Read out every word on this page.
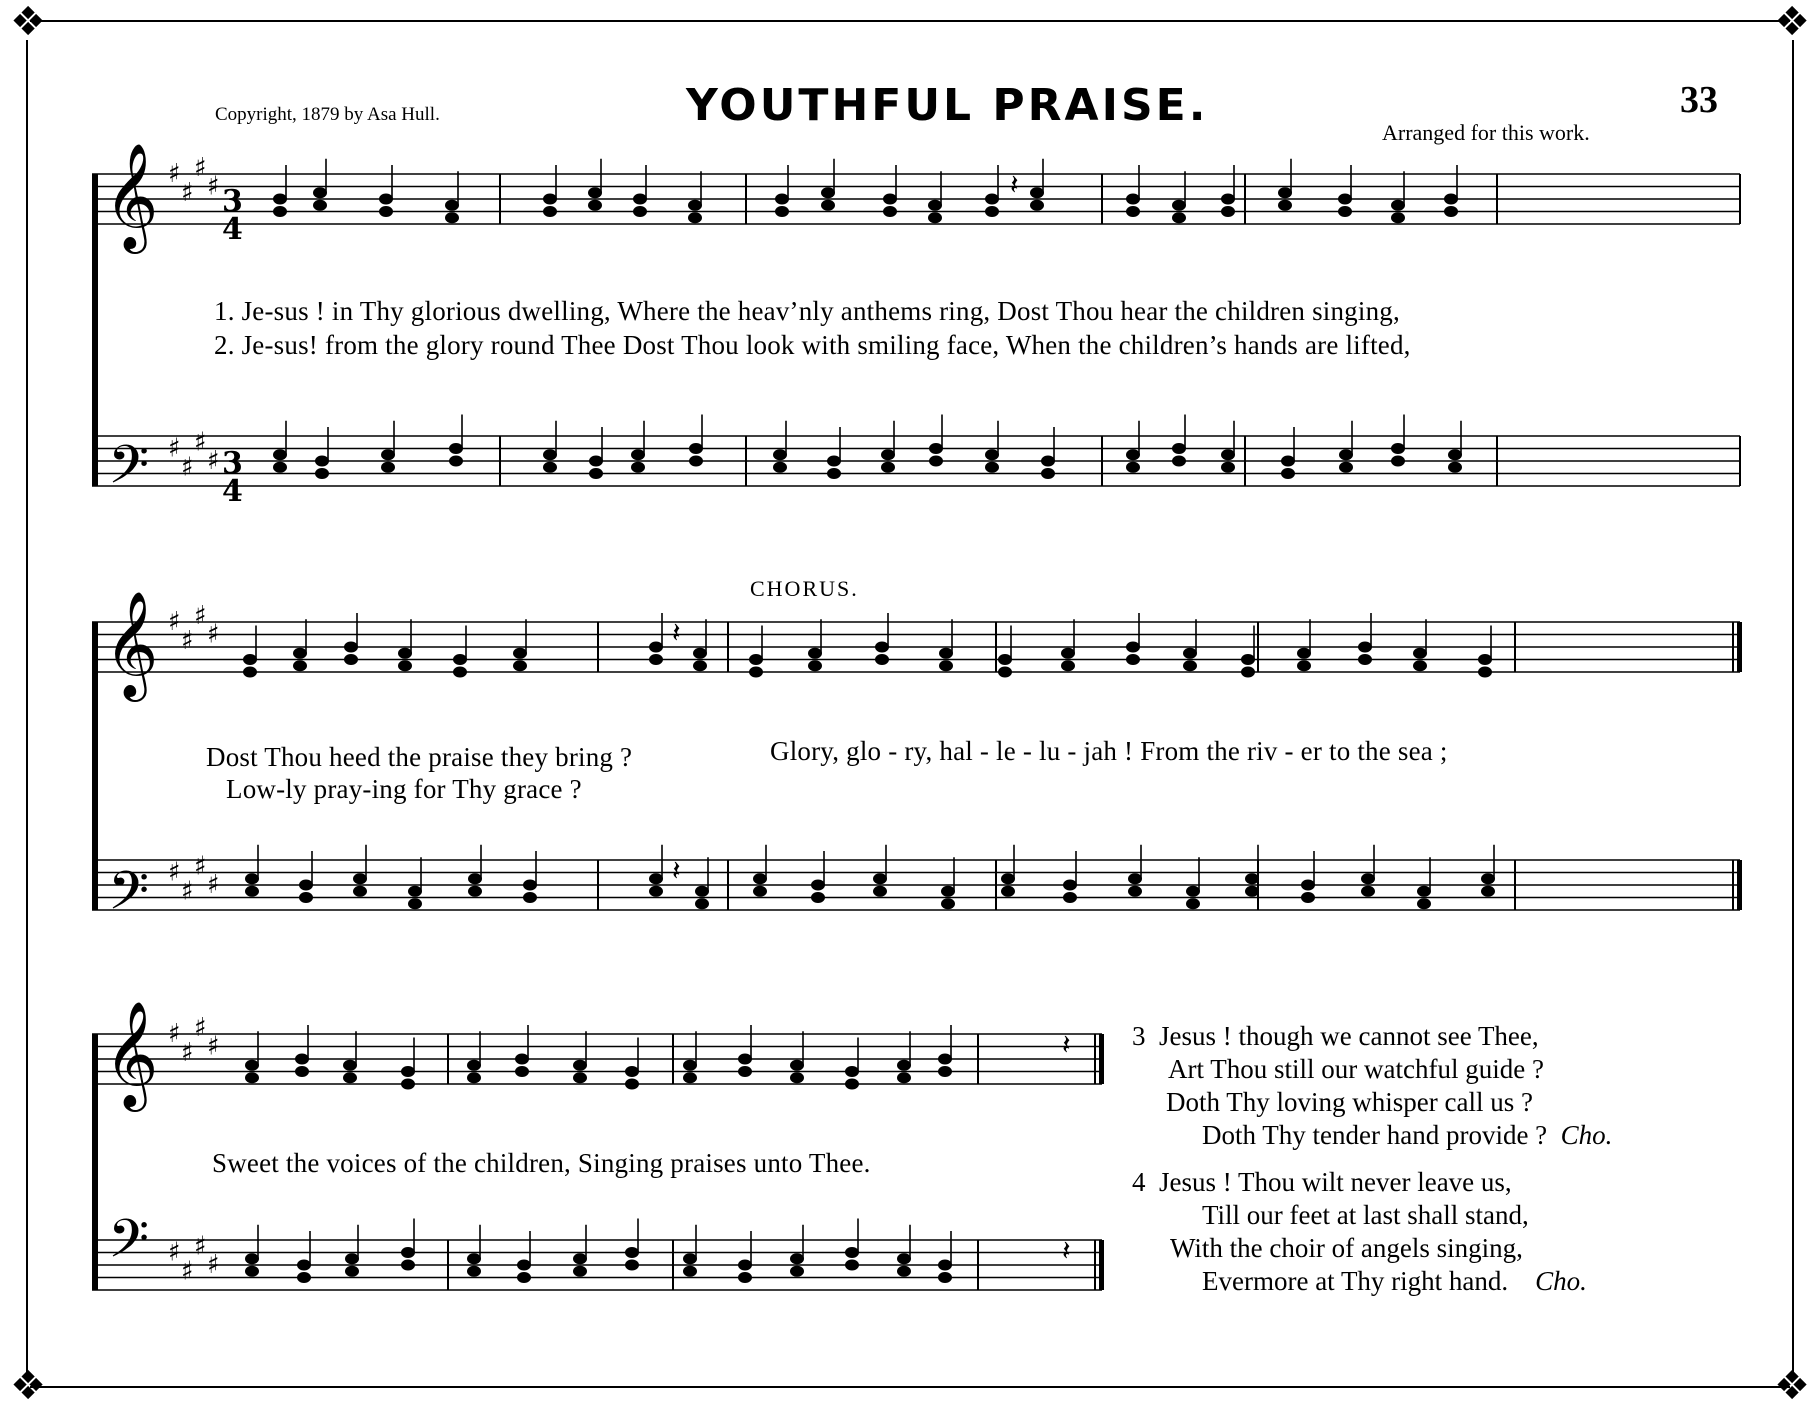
❖	❖
❖	❖
Copyright, 1879 by Asa Hull.	YOUTHFUL PRAISE.	33
Arranged for this work.
♯
♯
♯
♯
♯
♯
♯
♯
♯
♯
♯
♯
♯
♯
♯
♯
♯
♯
♯
♯
♯
♯
♯
♯
𝄽
𝄽
𝄽
𝄽
𝄽
3
4
3
4
CHORUS.
𝄞
𝄢
𝄞
𝄢
𝄞
𝄢
1. Je-sus ! in Thy glorious dwelling, Where the heav’nly anthems ring, Dost Thou hear the children singing,
2. Je-sus! from the glory round Thee Dost Thou look with smiling face, When the children’s hands are lifted,
Dost Thou heed the praise they bring ?	Glory, glo - ry, hal - le - lu - jah ! From the riv - er to the sea ;
Low-ly pray-ing for Thy grace ?
Sweet the voices of the children, Singing praises unto Thee.
3 Jesus ! though we cannot see Thee,
Art Thou still our watchful guide ?
Doth Thy loving whisper call us ?
Doth Thy tender hand provide ? Cho.
4 Jesus ! Thou wilt never leave us,
Till our feet at last shall stand,
With the choir of angels singing,
Evermore at Thy right hand. Cho.
